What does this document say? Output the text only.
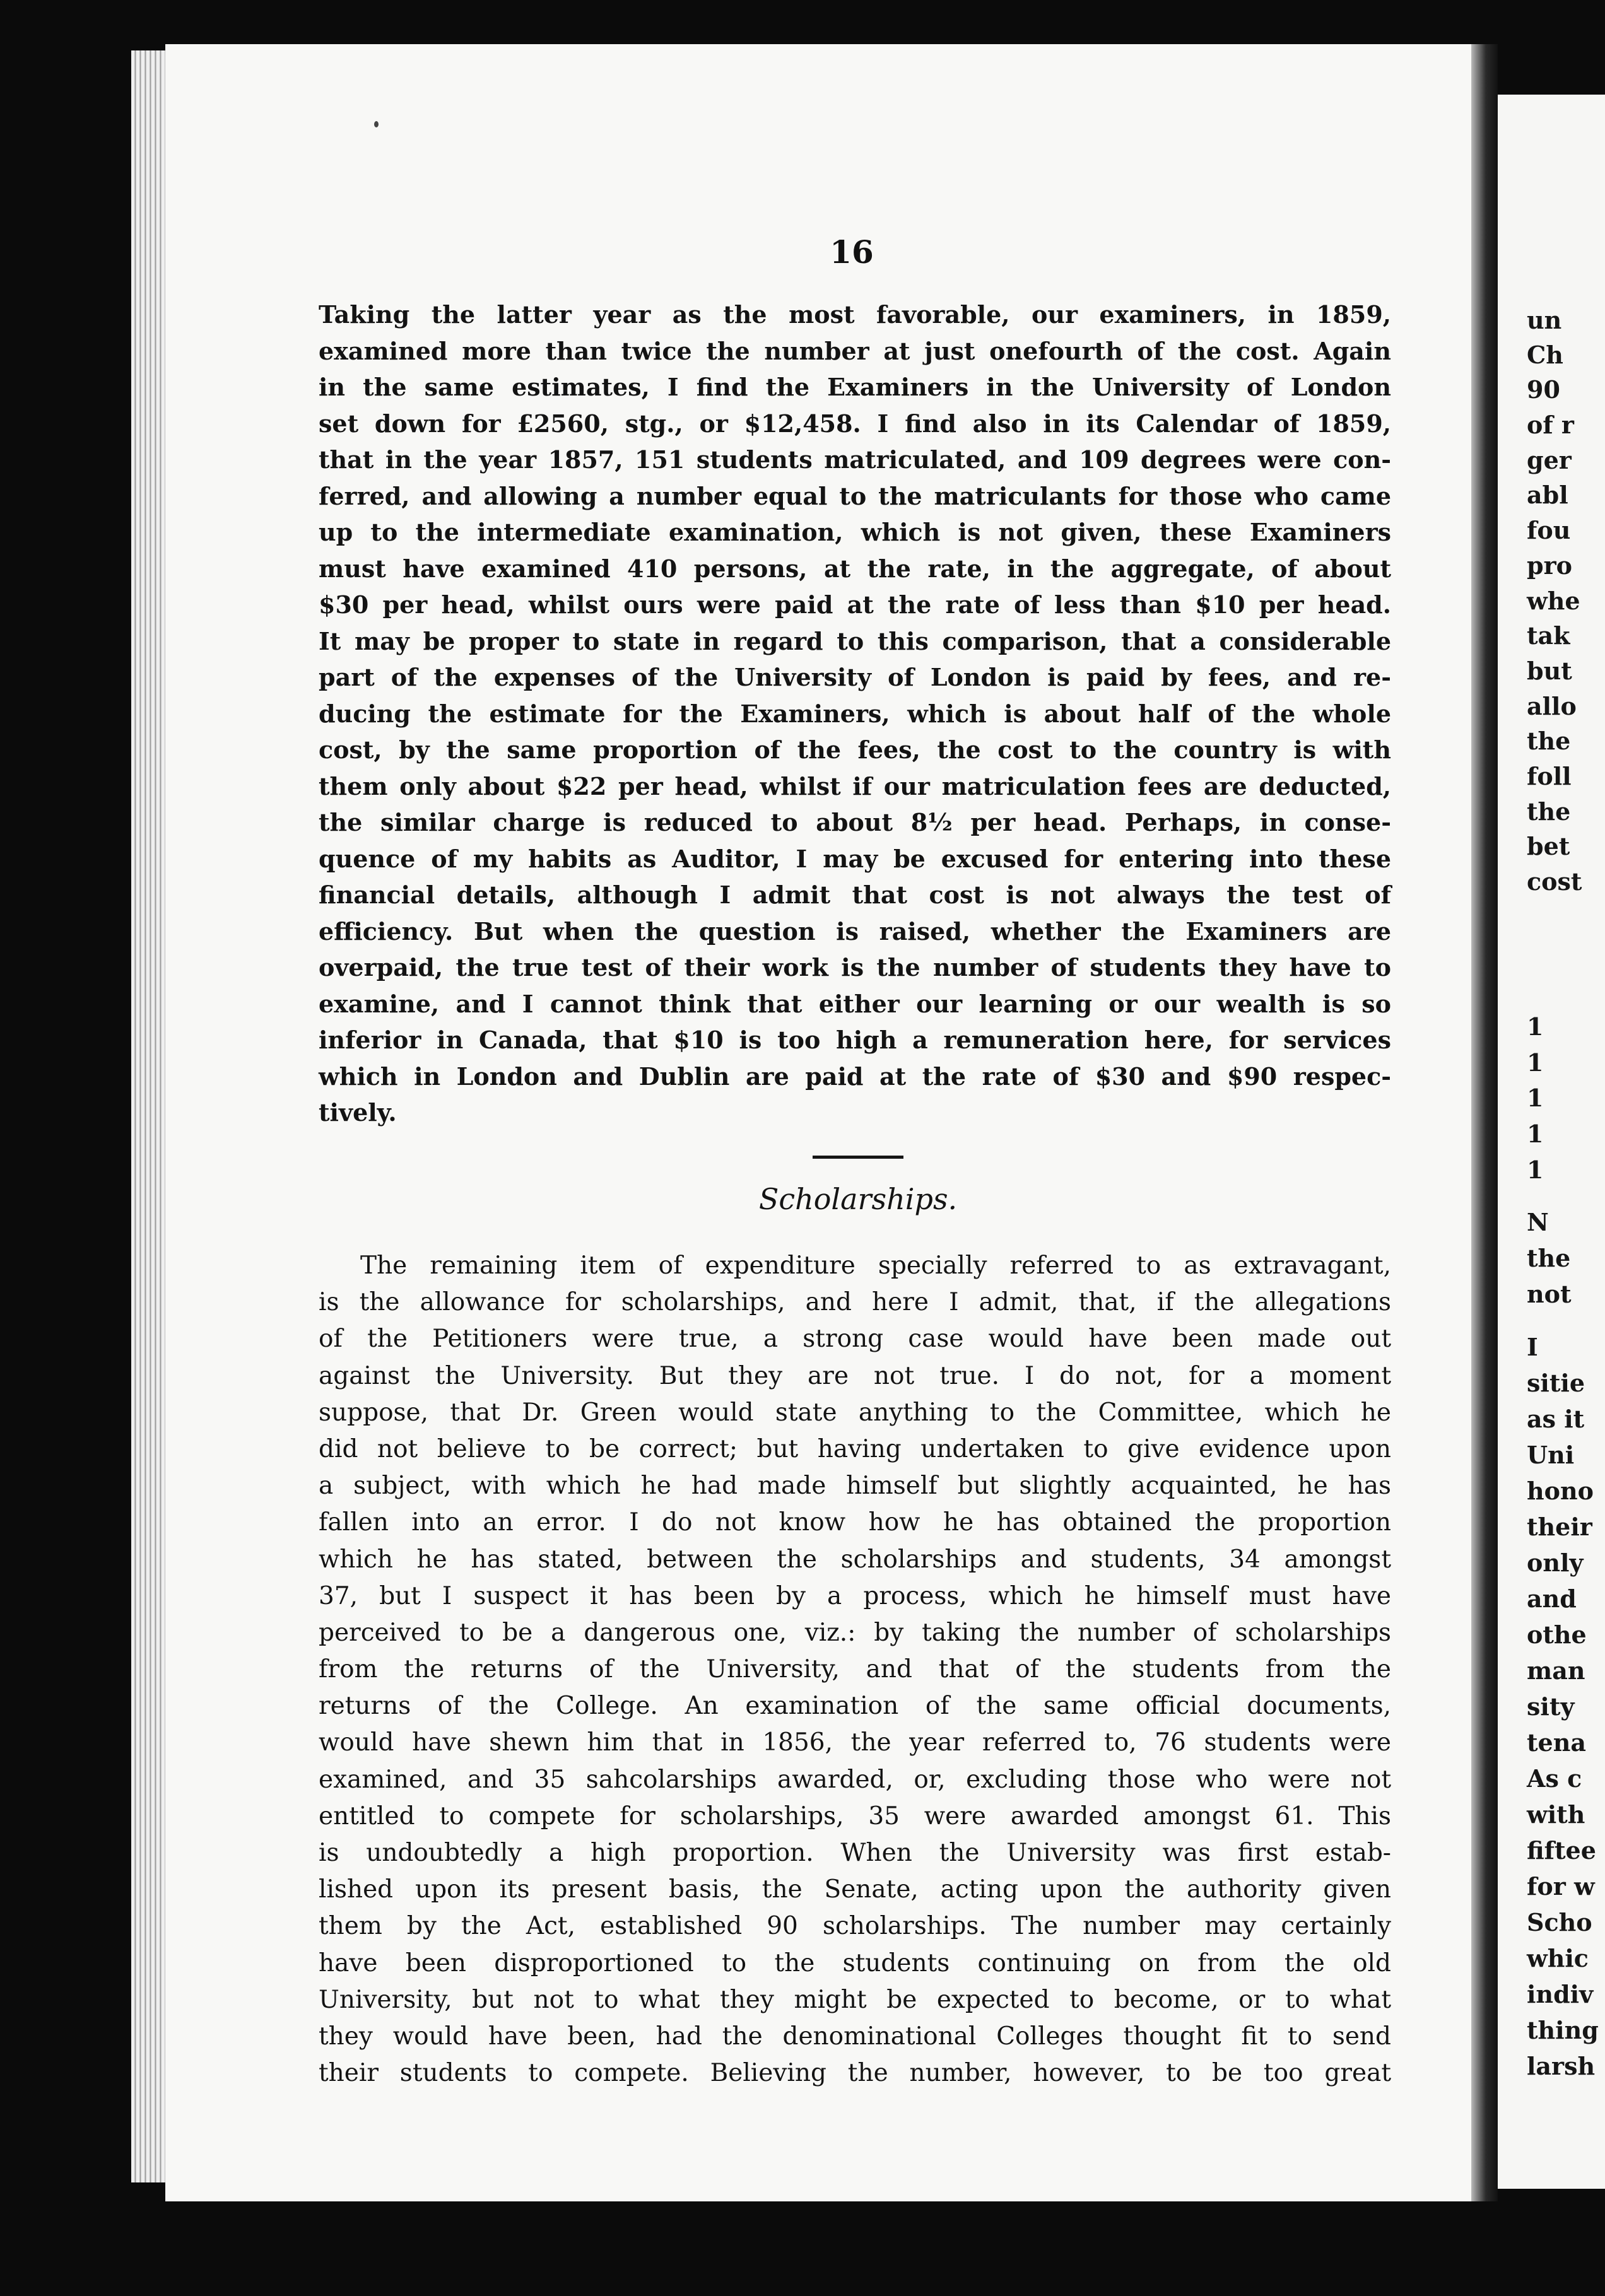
16
Taking the latter year as the most favorable, our examiners, in 1859,
examined more than twice the number at just onefourth of the cost. Again
in the same estimates, I find the Examiners in the University of London
set down for £2560, stg., or $12,458. I find also in its Calendar of 1859,
that in the year 1857, 151 students matriculated, and 109 degrees were con-
ferred, and allowing a number equal to the matriculants for those who came
up to the intermediate examination, which is not given, these Examiners
must have examined 410 persons, at the rate, in the aggregate, of about
$30 per head, whilst ours were paid at the rate of less than $10 per head.
It may be proper to state in regard to this comparison, that a considerable
part of the expenses of the University of London is paid by fees, and re-
ducing the estimate for the Examiners, which is about half of the whole
cost, by the same proportion of the fees, the cost to the country is with
them only about $22 per head, whilst if our matriculation fees are deducted,
the similar charge is reduced to about 8½ per head. Perhaps, in conse-
quence of my habits as Auditor, I may be excused for entering into these
financial details, although I admit that cost is not always the test of
efficiency. But when the question is raised, whether the Examiners are
overpaid, the true test of their work is the number of students they have to
examine, and I cannot think that either our learning or our wealth is so
inferior in Canada, that $10 is too high a remuneration here, for services
which in London and Dublin are paid at the rate of $30 and $90 respec-
tively.
Scholarships.
The remaining item of expenditure specially referred to as extravagant,
is the allowance for scholarships, and here I admit, that, if the allegations
of the Petitioners were true, a strong case would have been made out
against the University. But they are not true. I do not, for a moment
suppose, that Dr. Green would state anything to the Committee, which he
did not believe to be correct; but having undertaken to give evidence upon
a subject, with which he had made himself but slightly acquainted, he has
fallen into an error. I do not know how he has obtained the proportion
which he has stated, between the scholarships and students, 34 amongst
37, but I suspect it has been by a process, which he himself must have
perceived to be a dangerous one, viz.: by taking the number of scholarships
from the returns of the University, and that of the students from the
returns of the College. An examination of the same official documents,
would have shewn him that in 1856, the year referred to, 76 students were
examined, and 35 sahcolarships awarded, or, excluding those who were not
entitled to compete for scholarships, 35 were awarded amongst 61. This
is undoubtedly a high proportion. When the University was first estab-
lished upon its present basis, the Senate, acting upon the authority given
them by the Act, established 90 scholarships. The number may certainly
have been disproportioned to the students continuing on from the old
University, but not to what they might be expected to become, or to what
they would have been, had the denominational Colleges thought fit to send
their students to compete. Believing the number, however, to be too great
un
Ch
90
of r
ger
abl
fou
pro
whe
tak
but
allo
the
foll
the
bet
cost
1
1
1
1
1
N
the
not
I
sitie
as it
Uni
hono
their
only
and
othe
man
sity
tena
As c
with
fiftee
for w
Scho
whic
indiv
thing
larsh
